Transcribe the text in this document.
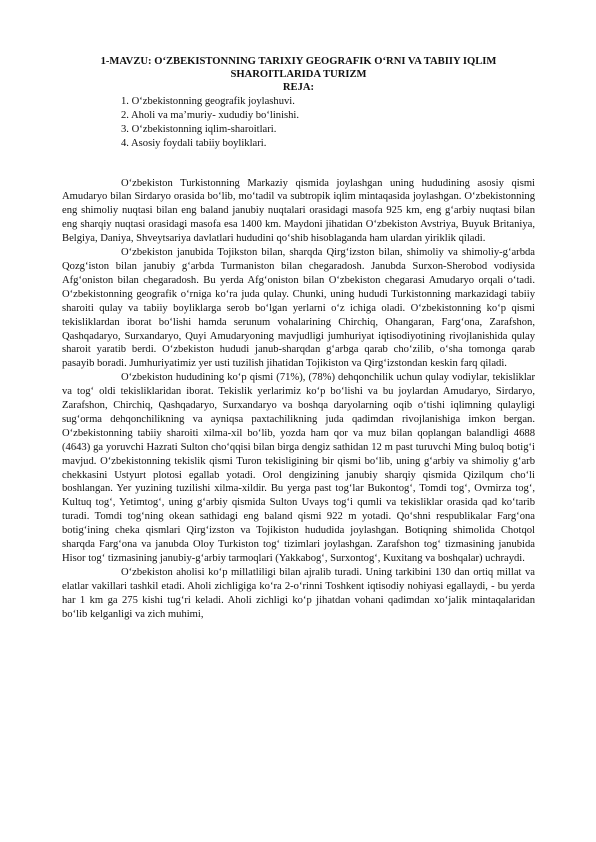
1-MAVZU: O‘ZBEKISTONNING TARIXIY GEOGRAFIK O‘RNI VA TABIIY IQLIM SHAROITLARIDA TURIZM

REJA:

1. O‘zbekistonning geografik joylashuvi.
2. Aholi va ma’muriy- xududiy bo‘linishi.
3. O‘zbekistonning iqlim-sharoitlari.
4. Asosiy foydali tabiiy boyliklari.

O‘zbekiston Turkistonning Markaziy qismida joylashgan uning hududining asosiy qismi Amudaryo bilan Sirdaryo orasida bo‘lib, mo‘tadil va subtropik iqlim mintaqasida joylashgan. O‘zbekistonning eng shimoliy nuqtasi bilan eng baland janubiy nuqtalari orasidagi masofa 925 km, eng g‘arbiy nuqtasi bilan eng sharqiy nuqtasi orasidagi masofa esa 1400 km. Maydoni jihatidan O‘zbekiston Avstriya, Buyuk Britaniya, Belgiya, Daniya, Shveytsariya davlatlari hududini qo‘shib hisoblaganda ham ulardan yiriklik qiladi.

O‘zbekiston janubida Tojikston bilan, sharqda Qirg‘izston bilan, shimoliy va shimoliy-g‘arbda Qozg‘iston bilan janubiy g‘arbda Turmaniston bilan chegaradosh. Janubda Surxon-Sherobod vodiysida Afg‘oniston bilan chegaradosh. Bu yerda Afg‘oniston bilan O‘zbekiston chegarasi Amudaryo orqali o‘tadi. O‘zbekistonning geografik o‘rniga ko‘ra juda qulay. Chunki, uning hududi Turkistonning markazidagi tabiiy sharoiti qulay va tabiiy boyliklarga serob bo‘lgan yerlarni o‘z ichiga oladi. O‘zbekistonning ko‘p qismi tekisliklardan iborat bo‘lishi hamda serunum vohalarining Chirchiq, Ohangaran, Farg‘ona, Zarafshon, Qashqadaryo, Surxandaryo, Quyi Amudaryoning mavjudligi jumhuriyat iqtisodiyotining rivojlanishida qulay sharoit yaratib berdi. O‘zbekiston hududi janub-sharqdan g‘arbga qarab cho‘zilib, o‘sha tomonga qarab pasayib boradi. Jumhuriyatimiz yer usti tuzilish jihatidan Tojikiston va Qirg‘izstondan keskin farq qiladi.

O‘zbekiston hududining ko‘p qismi (71%), (78%) dehqonchilik uchun qulay vodiylar, tekisliklar va tog‘ oldi tekisliklaridan iborat. Tekislik yerlarimiz ko‘p bo‘lishi va bu joylardan Amudaryo, Sirdaryo, Zarafshon, Chirchiq, Qashqadaryo, Surxandaryo va boshqa daryolarning oqib o‘tishi iqlimning qulayligi sug‘orma dehqonchilikning va ayniqsa paxtachilikning juda qadimdan rivojlanishiga imkon bergan. O‘zbekistonning tabiiy sharoiti xilma-xil bo‘lib, yozda ham qor va muz bilan qoplangan balandligi 4688 (4643) ga yoruvchi Hazrati Sulton cho‘qqisi bilan birga dengiz sathidan 12 m past turuvchi Ming buloq botig‘i mavjud. O‘zbekistonning tekislik qismi Turon tekisligining bir qismi bo‘lib, uning g‘arbiy va shimoliy g‘arb chekkasini Ustyurt plotosi egallab yotadi. Orol dengizining janubiy sharqiy qismida Qizilqum cho‘li boshlangan. Yer yuzining tuzilishi xilma-xildir. Bu yerga past tog‘lar Bukontog‘, Tomdi tog‘, Ovmirza tog‘, Kultuq tog‘, Yetimtog‘, uning g‘arbiy qismida Sulton Uvays tog‘i qumli va tekisliklar orasida qad ko‘tarib turadi. Tomdi tog‘ning okean sathidagi eng baland qismi 922 m yotadi. Qo‘shni respublikalar Farg‘ona botig‘ining cheka qismlari Qirg‘izston va Tojikiston hududida joylashgan. Botiqning shimolida Chotqol sharqda Farg‘ona va janubda Oloy Turkiston tog‘ tizimlari joylashgan. Zarafshon tog‘ tizmasining janubida Hisor tog‘ tizmasining janubiy-g‘arbiy tarmoqlari (Yakkabog‘, Surxontog‘, Kuxitang va boshqalar) uchraydi.

O‘zbekiston aholisi ko‘p millatliligi bilan ajralib turadi. Uning tarkibini 130 dan ortiq millat va elatlar vakillari tashkil etadi. Aholi zichligiga ko‘ra 2-o‘rinni Toshkent iqtisodiy nohiyasi egallaydi, - bu yerda har 1 km ga 275 kishi tug‘ri keladi. Aholi zichligi ko‘p jihatdan vohani qadimdan xo‘jalik mintaqalaridan bo‘lib kelganligi va zich muhimi,
